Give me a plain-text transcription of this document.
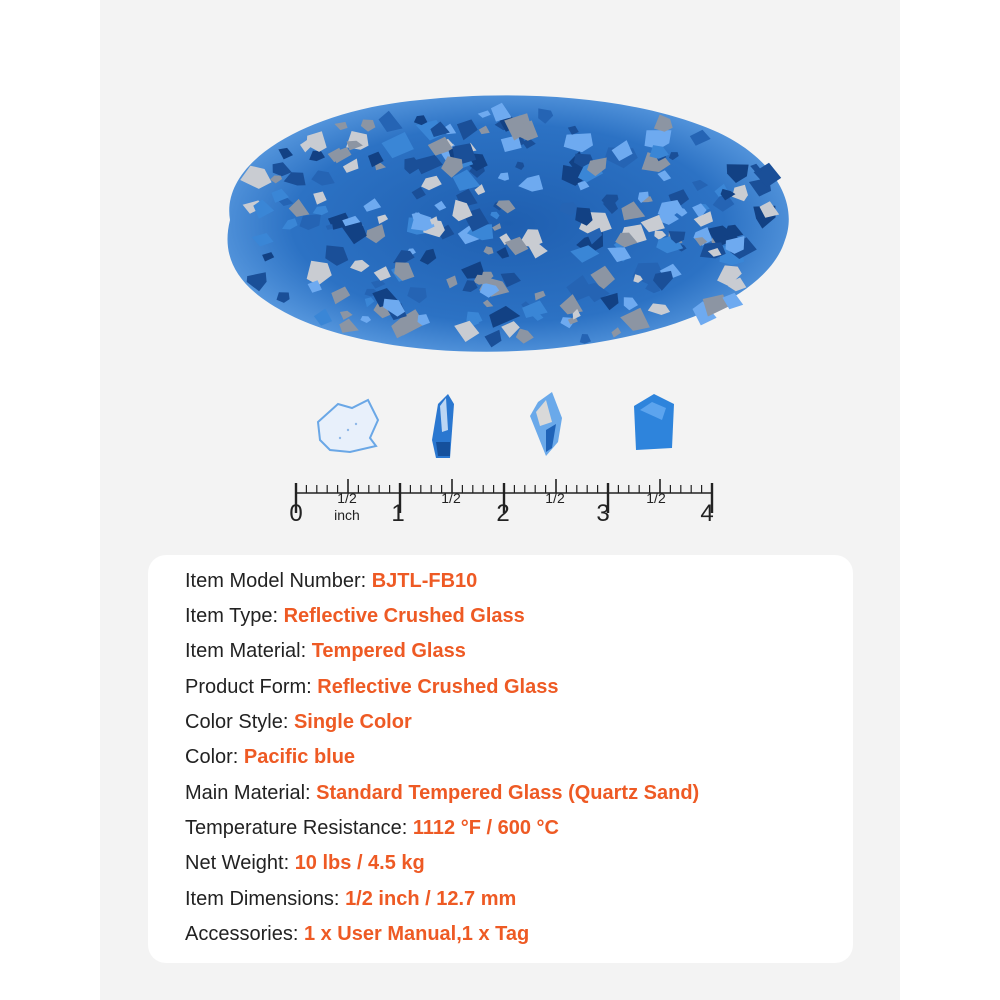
0	1	2	3	4
1/2
inch
1/2	1/2	1/2
Item Model Number: BJTL-FB10
Item Type: Reflective Crushed Glass
Item Material: Tempered Glass
Product Form: Reflective Crushed Glass
Color Style: Single Color
Color: Pacific blue
Main Material: Standard Tempered Glass (Quartz Sand)
Temperature Resistance: 1112 °F / 600 °C
Net Weight: 10 lbs / 4.5 kg
Item Dimensions: 1/2 inch / 12.7 mm
Accessories: 1 x User Manual,1 x Tag
